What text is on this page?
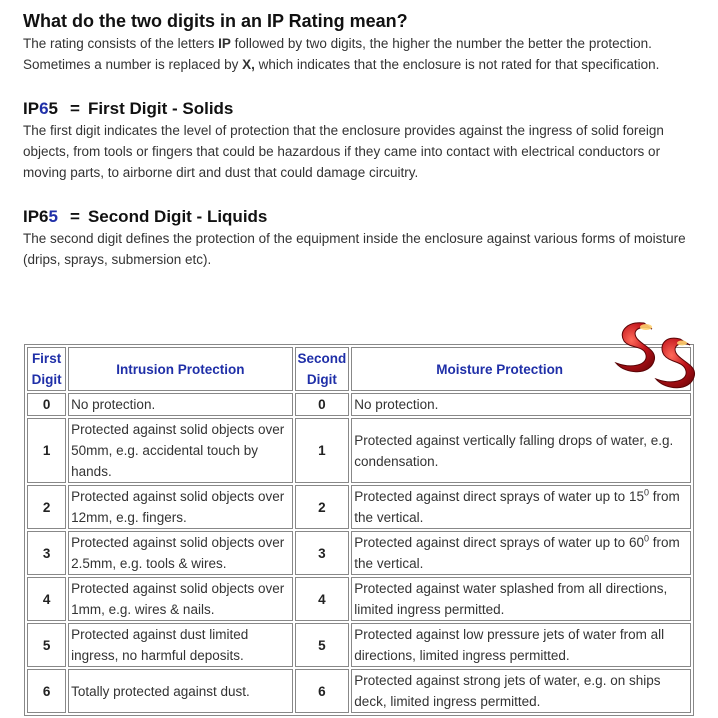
What do the two digits in an IP Rating mean?

The rating consists of the letters IP followed by two digits, the higher the number the better the protection. Sometimes a number is replaced by X, which indicates that the enclosure is not rated for that specification.

IP65 = First Digit - Solids

The first digit indicates the level of protection that the enclosure provides against the ingress of solid foreign objects, from tools or fingers that could be hazardous if they came into contact with electrical conductors or moving parts, to airborne dirt and dust that could damage circuitry.

IP65 = Second Digit - Liquids

The second digit defines the protection of the equipment inside the enclosure against various forms of moisture (drips, sprays, submersion etc).

First Digit	Intrusion Protection	Second Digit	Moisture Protection
0	No protection.	0	No protection.
1	Protected against solid objects over 50mm, e.g. accidental touch by hands.	1	Protected against vertically falling drops of water, e.g. condensation.
2	Protected against solid objects over 12mm, e.g. fingers.	2	Protected against direct sprays of water up to $15^0$ from the vertical.
3	Protected against solid objects over 2.5mm, e.g. tools & wires.	3	Protected against direct sprays of water up to $60^0$ from the vertical.
4	Protected against solid objects over 1mm, e.g. wires & nails.	4	Protected against water splashed from all directions, limited ingress permitted.
5	Protected against dust limited ingress, no harmful deposits.	5	Protected against low pressure jets of water from all directions, limited ingress permitted.
6	Totally protected against dust.	6	Protected against strong jets of water, e.g. on ships deck, limited ingress permitted.
